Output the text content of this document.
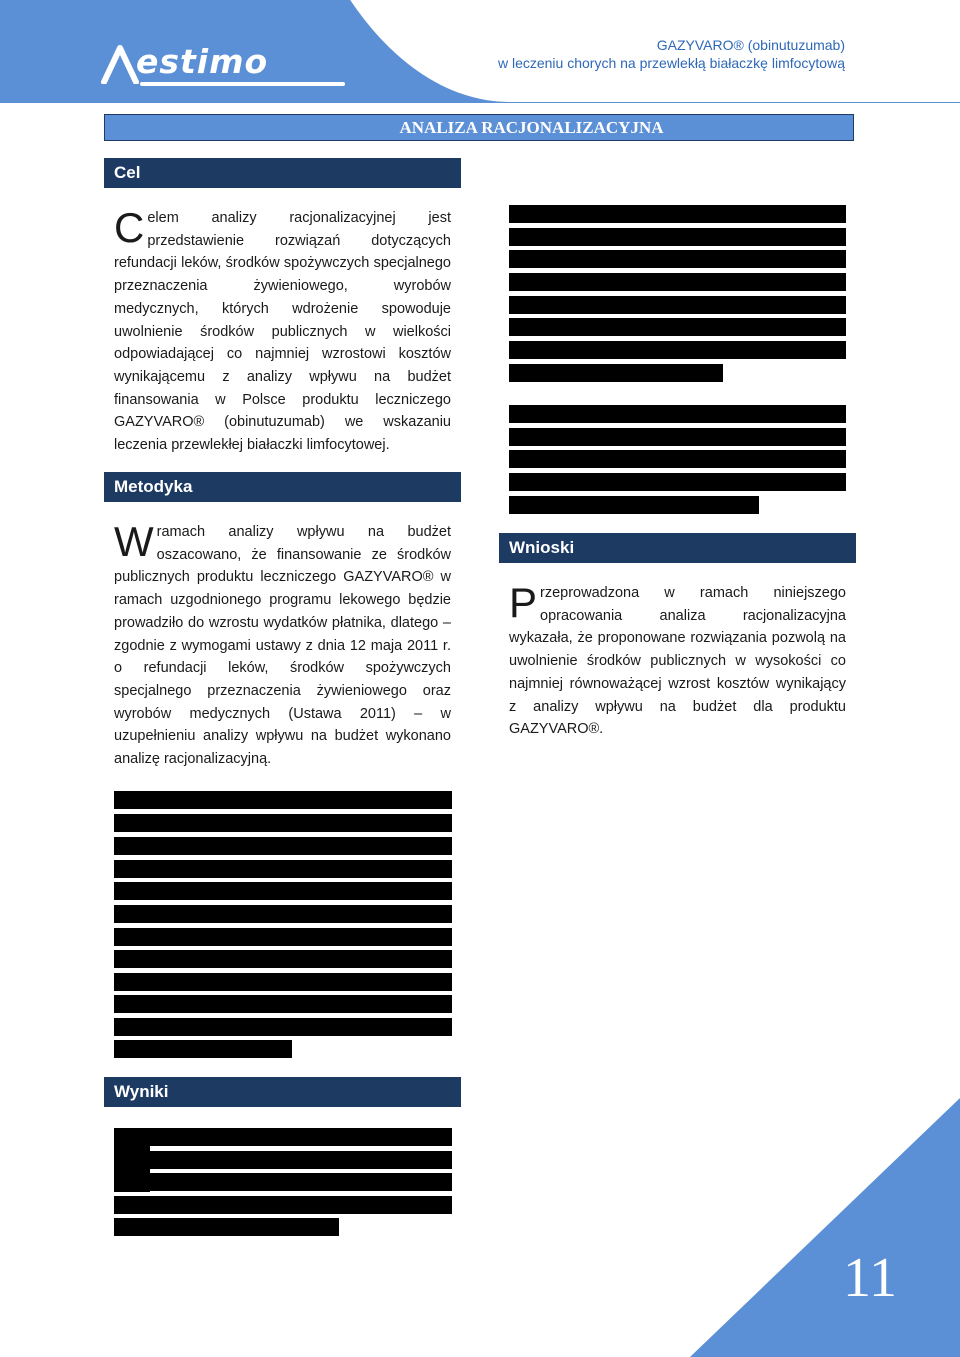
estimo	GAZYVARO® (obinutuzumab)
w leczeniu chorych na przewlekłą białaczkę limfocytową
ANALIZA RACJONALIZACYJNA
Cel
Celem analizy racjonalizacyjnej jest przedstawienie rozwiązań dotyczących refundacji leków, środków spożywczych specjalnego przeznaczenia żywieniowego, wyrobów medycznych, których wdrożenie spowoduje uwolnienie środków publicznych w wielkości odpowiadającej co najmniej wzrostowi kosztów wynikającemu z analizy wpływu na budżet finansowania w Polsce produktu leczniczego GAZYVARO® (obinutuzumab) we wskazaniu leczenia przewlekłej białaczki limfocytowej.
Metodyka
Wramach analizy wpływu na budżet oszacowano, że finansowanie ze środków publicznych produktu leczniczego GAZYVARO® w ramach uzgodnionego programu lekowego będzie prowadziło do wzrostu wydatków płatnika, dlatego – zgodnie z wymogami ustawy z dnia 12 maja 2011 r. o refundacji leków, środków spożywczych specjalnego przeznaczenia żywieniowego oraz wyrobów medycznych (Ustawa 2011) – w uzupełnieniu analizy wpływu na budżet wykonano analizę racjonalizacyjną.
Wyniki
Wnioski
Przeprowadzona w ramach niniejszego opracowania analiza racjonalizacyjna wykazała, że proponowane rozwiązania pozwolą na uwolnienie środków publicznych w wysokości co najmniej równoważącej wzrost kosztów wynikający z analizy wpływu na budżet dla produktu GAZYVARO®.
11
